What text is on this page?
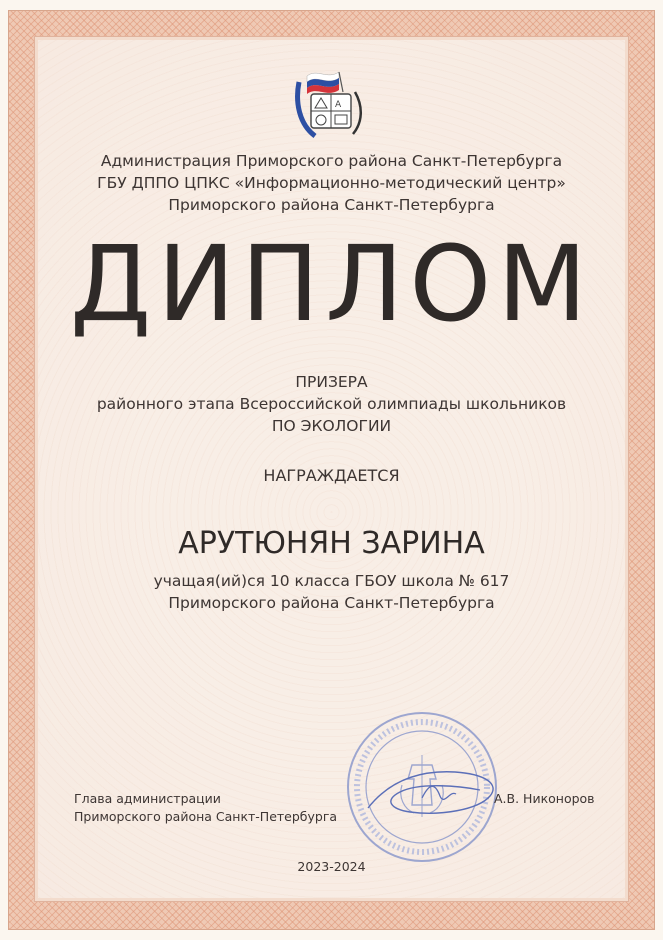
A
Администрация Приморского района Санкт-Петербурга
ГБУ ДППО ЦПКС «Информационно-методический центр»
Приморского района Санкт-Петербурга
ДИПЛОМ
ПРИЗЕРА
районного этапа Всероссийской олимпиады школьников
ПО ЭКОЛОГИИ
НАГРАЖДАЕТСЯ
АРУТЮНЯН ЗАРИНА
учащая(ий)ся 10 класса ГБОУ школа № 617
Приморского района Санкт-Петербурга
Глава администрации
Приморского района Санкт-Петербурга
А.В. Никоноров
2023-2024
